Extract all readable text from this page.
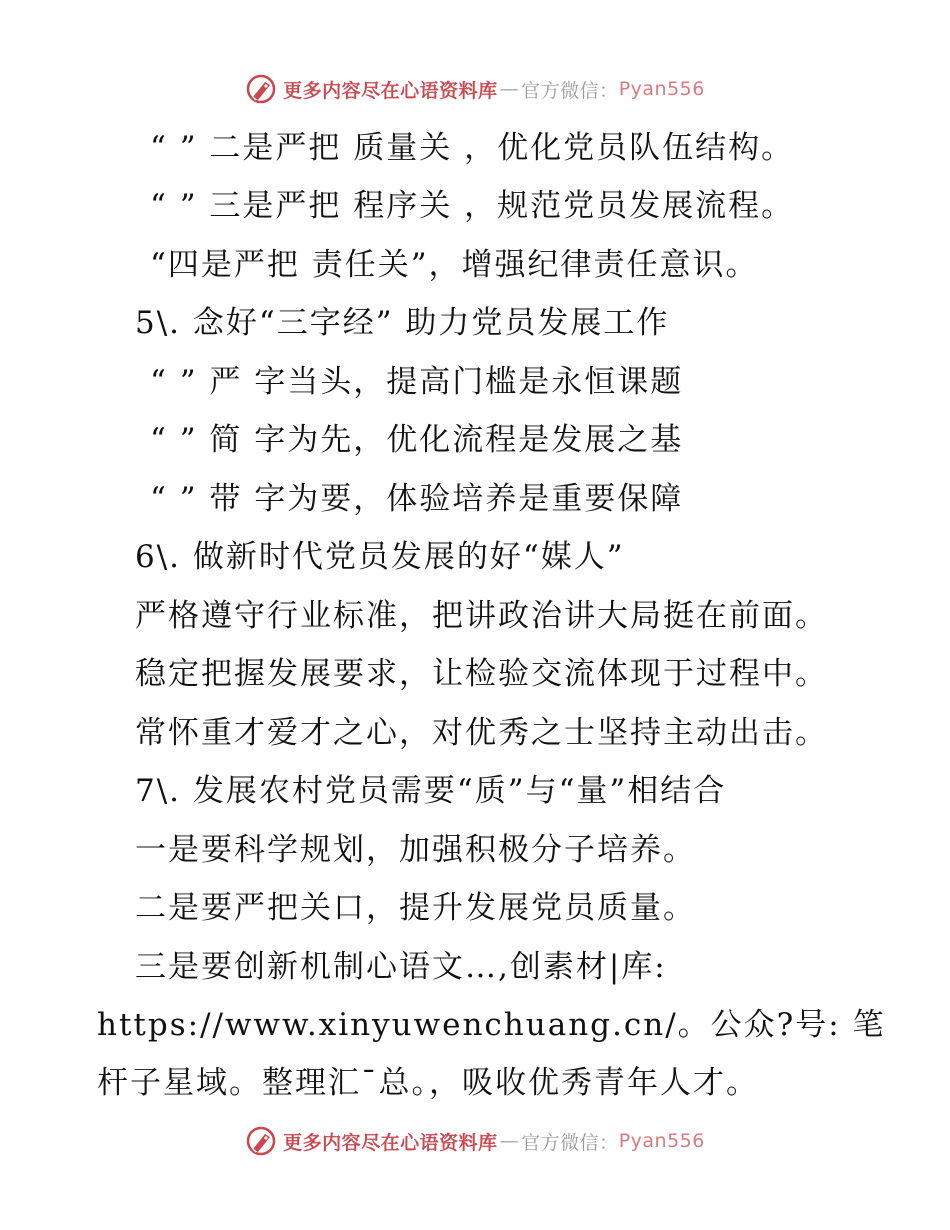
更多内容尽在心语资料库 — 官方微信： Pyan556
“ ” 二是严把 质量关 ，优化党员队伍结构。
“ ” 三是严把 程序关 ，规范党员发展流程。
“四是严把 责任关”，增强纪律责任意识。
5\. 念好“三字经” 助力党员发展工作
“ ” 严 字当头，提高门槛是永恒课题
“ ” 简 字为先，优化流程是发展之基
“ ” 带 字为要，体验培养是重要保障
6\. 做新时代党员发展的好“媒人”
严格遵守行业标准，把讲政治讲大局挺在前面。
稳定把握发展要求，让检验交流体现于过程中。
常怀重才爱才之心，对优秀之士坚持主动出击。
7\. 发展农村党员需要“质”与“量”相结合
一是要科学规划，加强积极分子培养。
二是要严把关口，提升发展党员质量。
三是要创新机制心语文…,创素材|库:
https://www.xinyuwenchuang.cn/。公众?号: 笔
杆子星域。整理汇¯总。，吸收优秀青年人才。
更多内容尽在心语资料库 — 官方微信： Pyan556
